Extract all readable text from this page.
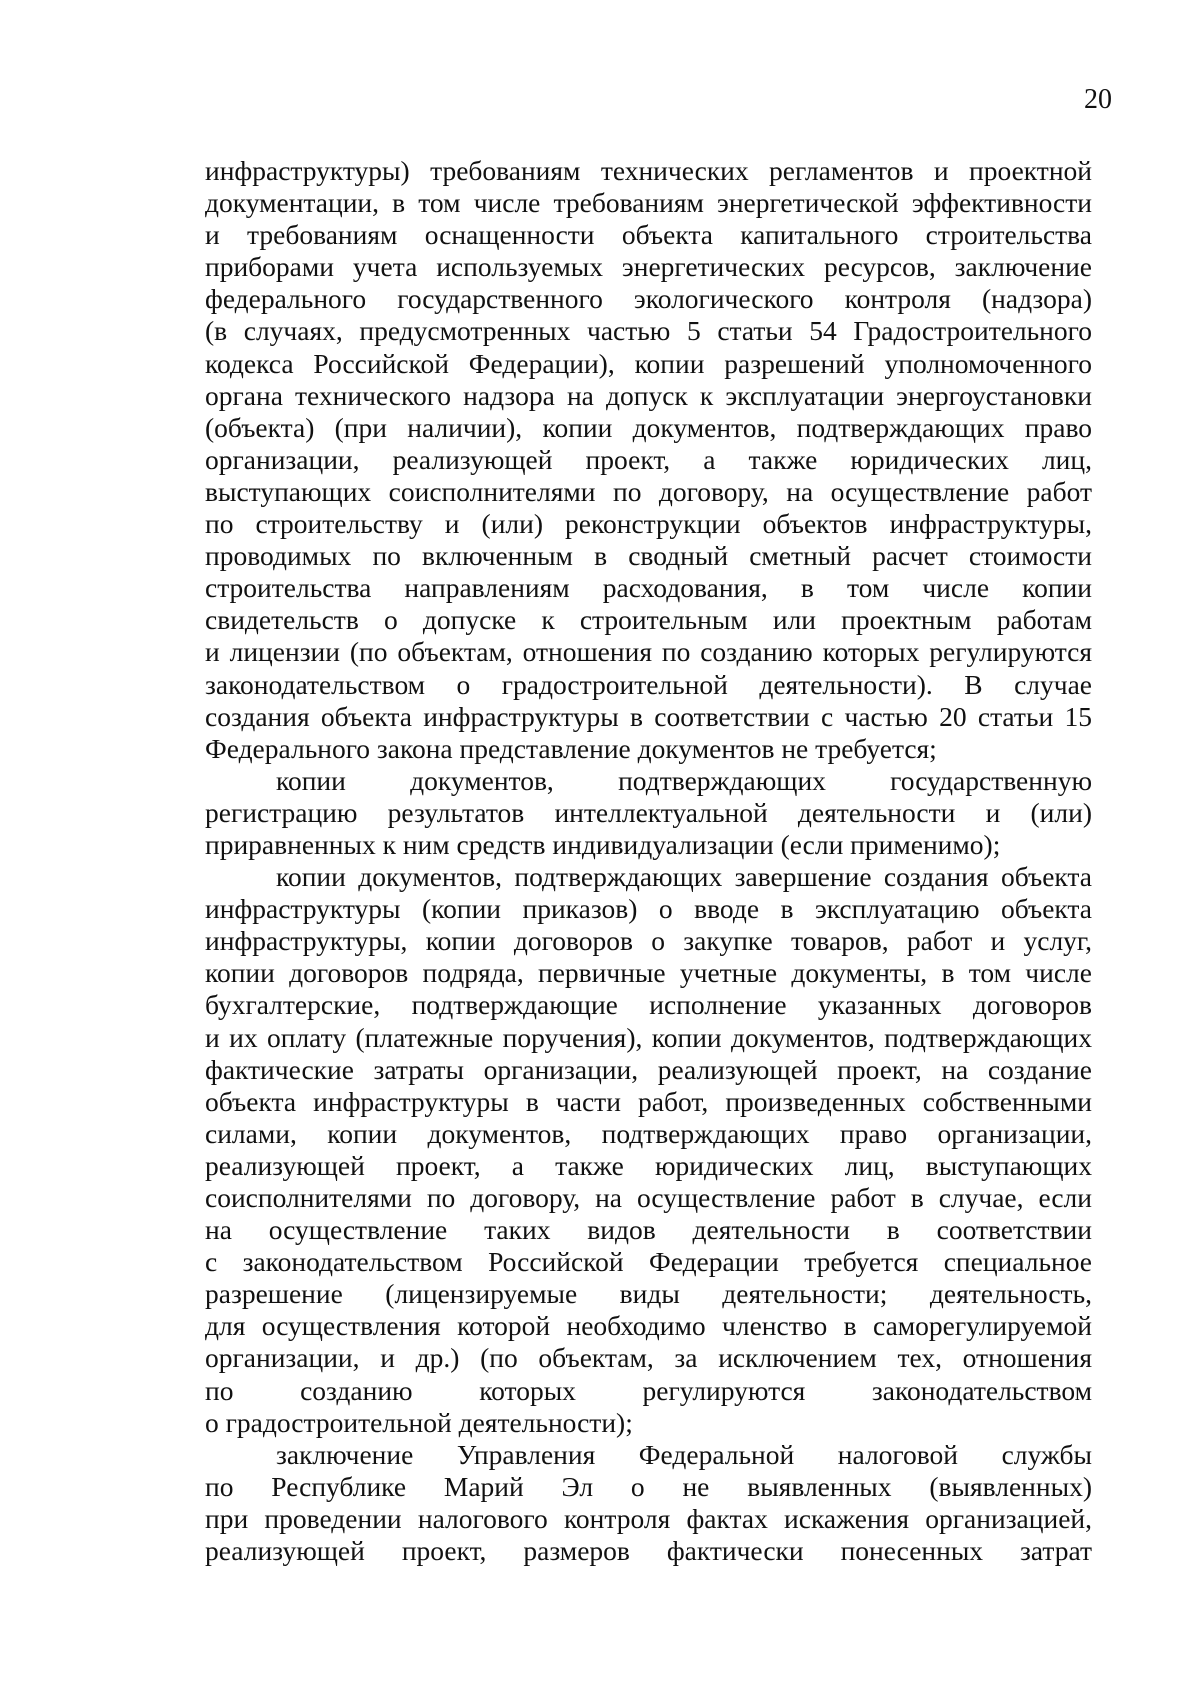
20
инфраструктуры) требованиям технических регламентов и проектной
документации, в том числе требованиям энергетической эффективности
и требованиям оснащенности объекта капитального строительства
приборами учета используемых энергетических ресурсов, заключение
федерального государственного экологического контроля (надзора)
(в случаях, предусмотренных частью 5 статьи 54 Градостроительного
кодекса Российской Федерации), копии разрешений уполномоченного
органа технического надзора на допуск к эксплуатации энергоустановки
(объекта) (при наличии), копии документов, подтверждающих право
организации, реализующей проект, а также юридических лиц,
выступающих соисполнителями по договору, на осуществление работ
по строительству и (или) реконструкции объектов инфраструктуры,
проводимых по включенным в сводный сметный расчет стоимости
строительства направлениям расходования, в том числе копии
свидетельств о допуске к строительным или проектным работам
и лицензии (по объектам, отношения по созданию которых регулируются
законодательством о градостроительной деятельности). В случае
создания объекта инфраструктуры в соответствии с частью 20 статьи 15
Федерального закона представление документов не требуется;
копии документов, подтверждающих государственную
регистрацию результатов интеллектуальной деятельности и (или)
приравненных к ним средств индивидуализации (если применимо);
копии документов, подтверждающих завершение создания объекта
инфраструктуры (копии приказов) о вводе в эксплуатацию объекта
инфраструктуры, копии договоров о закупке товаров, работ и услуг,
копии договоров подряда, первичные учетные документы, в том числе
бухгалтерские, подтверждающие исполнение указанных договоров
и их оплату (платежные поручения), копии документов, подтверждающих
фактические затраты организации, реализующей проект, на создание
объекта инфраструктуры в части работ, произведенных собственными
силами, копии документов, подтверждающих право организации,
реализующей проект, а также юридических лиц, выступающих
соисполнителями по договору, на осуществление работ в случае, если
на осуществление таких видов деятельности в соответствии
с законодательством Российской Федерации требуется специальное
разрешение (лицензируемые виды деятельности; деятельность,
для осуществления которой необходимо членство в саморегулируемой
организации, и др.) (по объектам, за исключением тех, отношения
по созданию которых регулируются законодательством
о градостроительной деятельности);
заключение Управления Федеральной налоговой службы
по Республике Марий Эл о не выявленных (выявленных)
при проведении налогового контроля фактах искажения организацией,
реализующей проект, размеров фактически понесенных затрат
